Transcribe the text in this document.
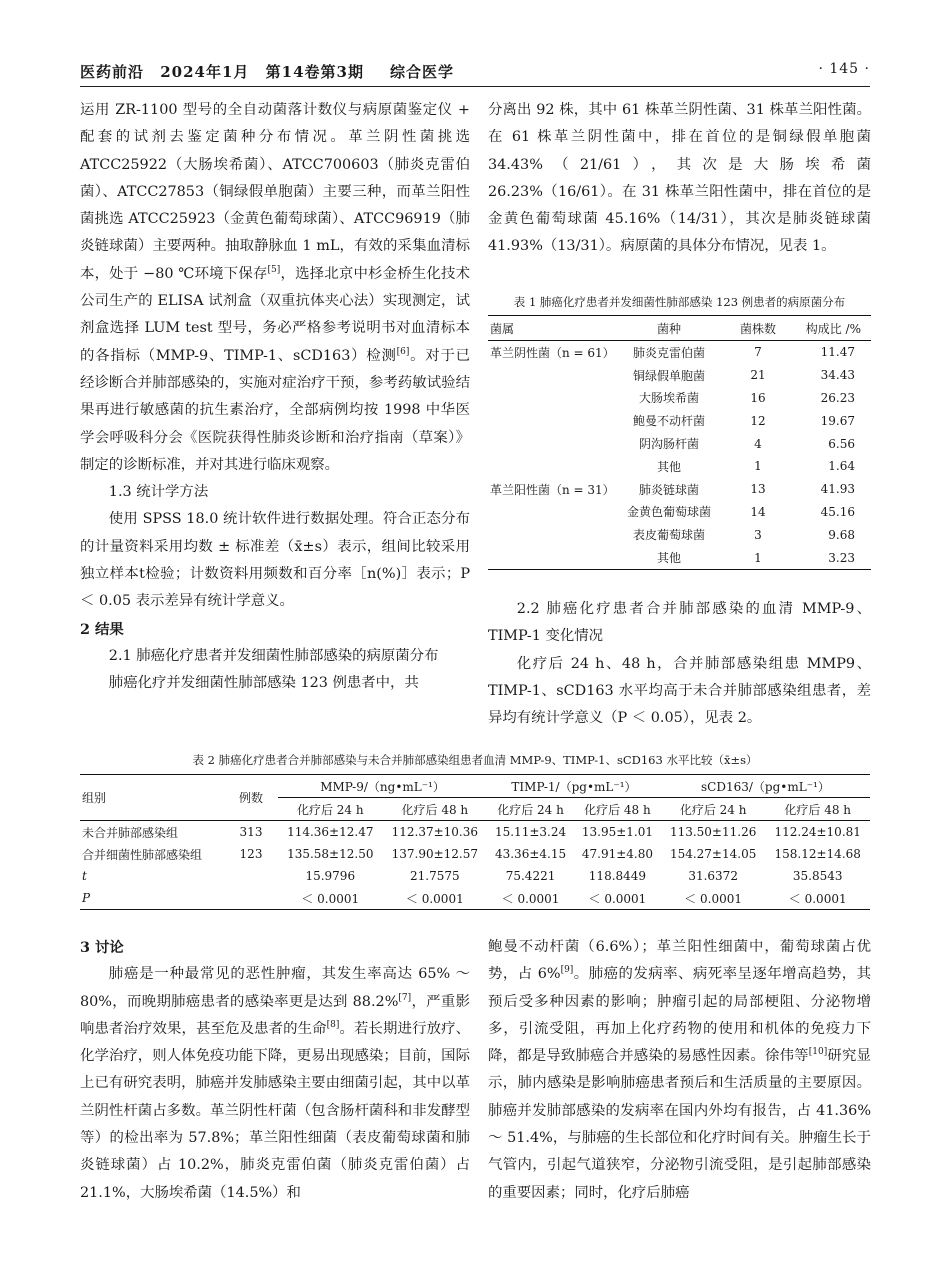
医药前沿 2024年1月 第14卷第3期	综合医学	· 145 ·

运用 ZR-1100 型号的全自动菌落计数仪与病原菌鉴定仪 + 配套的试剂去鉴定菌种分布情况。革兰阴性菌挑选 ATCC25922（大肠埃希菌）、ATCC700603（肺炎克雷伯菌）、ATCC27853（铜绿假单胞菌）主要三种，而革兰阳性菌挑选 ATCC25923（金黄色葡萄球菌）、ATCC96919（肺炎链球菌）主要两种。抽取静脉血 1 mL，有效的采集血清标本，处于 −80 ℃环境下保存[5]，选择北京中杉金桥生化技术公司生产的 ELISA 试剂盒（双重抗体夹心法）实现测定，试剂盒选择 LUM test 型号，务必严格参考说明书对血清标本的各指标（MMP-9、TIMP-1、sCD163）检测[6]。对于已经诊断合并肺部感染的，实施对症治疗干预，参考药敏试验结果再进行敏感菌的抗生素治疗，全部病例均按 1998 中华医学会呼吸科分会《医院获得性肺炎诊断和治疗指南（草案）》制定的诊断标准，并对其进行临床观察。

1.3 统计学方法

使用 SPSS 18.0 统计软件进行数据处理。符合正态分布的计量资料采用均数 ± 标准差（x̄±s）表示，组间比较采用独立样本t检验；计数资料用频数和百分率［n(%)］表示；P ＜ 0.05 表示差异有统计学意义。

2 结果

2.1 肺癌化疗患者并发细菌性肺部感染的病原菌分布

肺癌化疗并发细菌性肺部感染 123 例患者中，共

分离出 92 株，其中 61 株革兰阴性菌、31 株革兰阳性菌。在 61 株革兰阴性菌中，排在首位的是铜绿假单胞菌 34.43%（21/61），其次是大肠埃希菌 26.23%（16/61）。在 31 株革兰阳性菌中，排在首位的是金黄色葡萄球菌 45.16%（14/31），其次是肺炎链球菌 41.93%（13/31）。病原菌的具体分布情况，见表 1。

表 1 肺癌化疗患者并发细菌性肺部感染 123 例患者的病原菌分布
菌属	菌种	菌株数	构成比 /%
革兰阴性菌（n = 61）	肺炎克雷伯菌	7	11.47
	铜绿假单胞菌	21	34.43
	大肠埃希菌	16	26.23
	鲍曼不动杆菌	12	19.67
	阴沟肠杆菌	4	6.56
	其他	1	1.64
革兰阳性菌（n = 31）	肺炎链球菌	13	41.93
	金黄色葡萄球菌	14	45.16
	表皮葡萄球菌	3	9.68
	其他	1	3.23

2.2 肺癌化疗患者合并肺部感染的血清 MMP-9、TIMP-1 变化情况

化疗后 24 h、48 h，合并肺部感染组患 MMP9、TIMP-1、sCD163 水平均高于未合并肺部感染组患者，差异均有统计学意义（P ＜ 0.05），见表 2。

表 2 肺癌化疗患者合并肺部感染与未合并肺部感染组患者血清 MMP-9、TIMP-1、sCD163 水平比较（x̄±s）
组别	例数	MMP-9/（ng•mL⁻¹）		TIMP-1/（pg•mL⁻¹）		sCD163/（pg•mL⁻¹）	
		化疗后 24 h	化疗后 48 h	化疗后 24 h	化疗后 48 h	化疗后 24 h	化疗后 48 h
未合并肺部感染组	313	114.36±12.47	112.37±10.36	15.11±3.24	13.95±1.01	113.50±11.26	112.24±10.81
合并细菌性肺部感染组	123	135.58±12.50	137.90±12.57	43.36±4.15	47.91±4.80	154.27±14.05	158.12±14.68
t		15.9796	21.7575	75.4221	118.8449	31.6372	35.8543
P		＜ 0.0001	＜ 0.0001	＜ 0.0001	＜ 0.0001	＜ 0.0001	＜ 0.0001

3 讨论

肺癌是一种最常见的恶性肿瘤，其发生率高达 65% ～ 80%，而晚期肺癌患者的感染率更是达到 88.2%[7]，严重影响患者治疗效果，甚至危及患者的生命[8]。若长期进行放疗、化学治疗，则人体免疫功能下降，更易出现感染；目前，国际上已有研究表明，肺癌并发肺感染主要由细菌引起，其中以革兰阴性杆菌占多数。革兰阴性杆菌（包含肠杆菌科和非发酵型等）的检出率为 57.8%；革兰阳性细菌（表皮葡萄球菌和肺炎链球菌）占 10.2%，肺炎克雷伯菌（肺炎克雷伯菌）占 21.1%，大肠埃希菌（14.5%）和

鲍曼不动杆菌（6.6%）；革兰阳性细菌中，葡萄球菌占优势，占 6%[9]。肺癌的发病率、病死率呈逐年增高趋势，其预后受多种因素的影响；肿瘤引起的局部梗阻、分泌物增多，引流受阻，再加上化疗药物的使用和机体的免疫力下降，都是导致肺癌合并感染的易感性因素。徐伟等[10]研究显示，肺内感染是影响肺癌患者预后和生活质量的主要原因。肺癌并发肺部感染的发病率在国内外均有报告，占 41.36% ～ 51.4%，与肺癌的生长部位和化疗时间有关。肿瘤生长于气管内，引起气道狭窄，分泌物引流受阻，是引起肺部感染的重要因素；同时，化疗后肺癌
